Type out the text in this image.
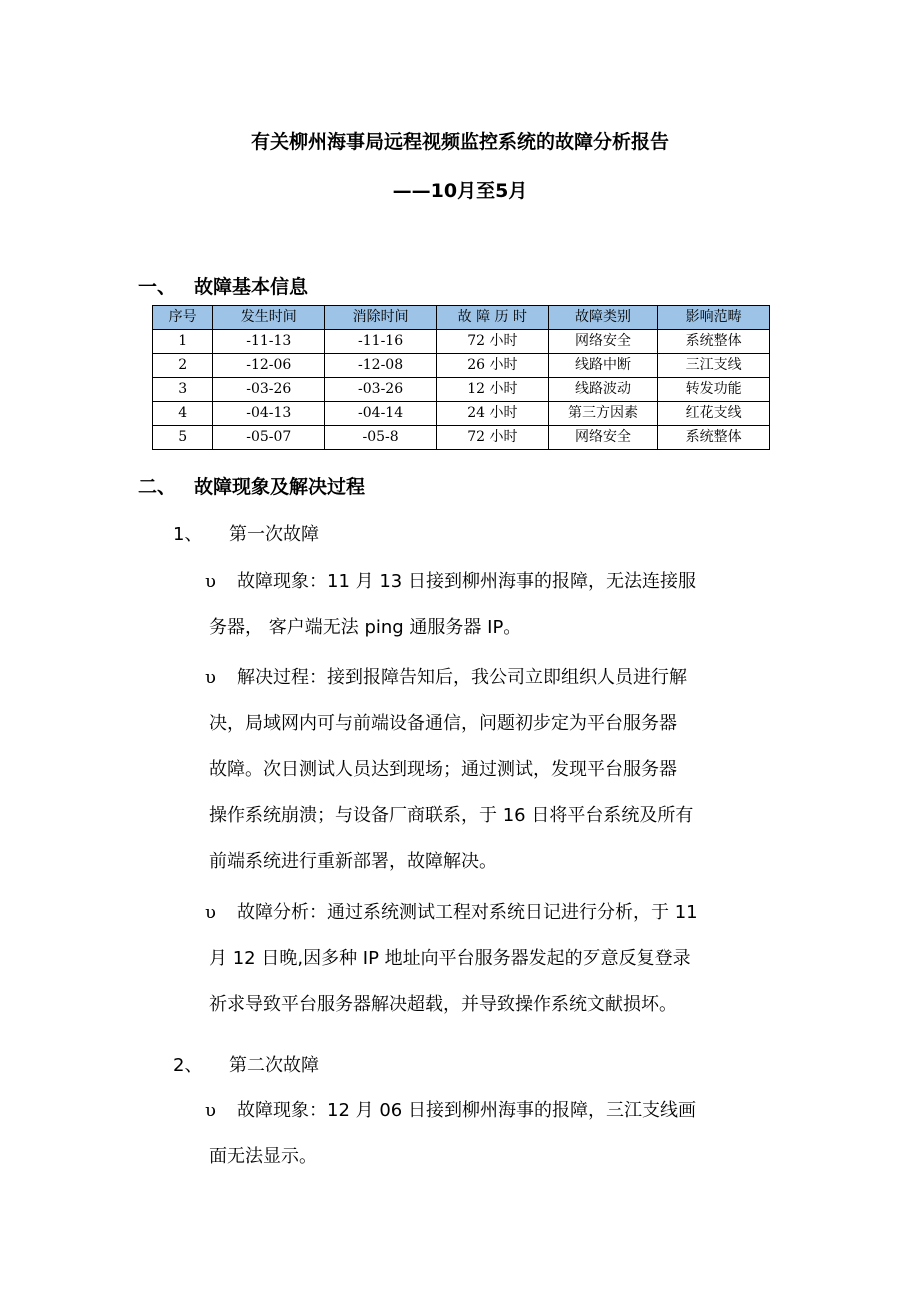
有关柳州海事局远程视频监控系统的故障分析报告
——10月至5月
一、 故障基本信息
序号	发生时间	消除时间	故 障 历 时	故障类别	影响范畴
1	-11-13	-11-16	72 小时	网络安全	系统整体
2	-12-06	-12-08	26 小时	线路中断	三江支线
3	-03-26	-03-26	12 小时	线路波动	转发功能
4	-04-13	-04-14	24 小时	第三方因素	红花支线
5	-05-07	-05-8	72 小时	网络安全	系统整体
二、 故障现象及解决过程
1、 第一次故障
υ 故障现象：11 月 13 日接到柳州海事的报障，无法连接服
务器， 客户端无法 ping 通服务器 IP。
υ 解决过程：接到报障告知后，我公司立即组织人员进行解
决，局域网内可与前端设备通信，问题初步定为平台服务器
故障。次日测试人员达到现场；通过测试，发现平台服务器
操作系统崩溃；与设备厂商联系，于 16 日将平台系统及所有
前端系统进行重新部署，故障解决。
υ 故障分析：通过系统测试工程对系统日记进行分析，于 11
月 12 日晚,因多种 IP 地址向平台服务器发起的歹意反复登录
祈求导致平台服务器解决超载，并导致操作系统文献损坏。
2、 第二次故障
υ 故障现象：12 月 06 日接到柳州海事的报障，三江支线画
面无法显示。
